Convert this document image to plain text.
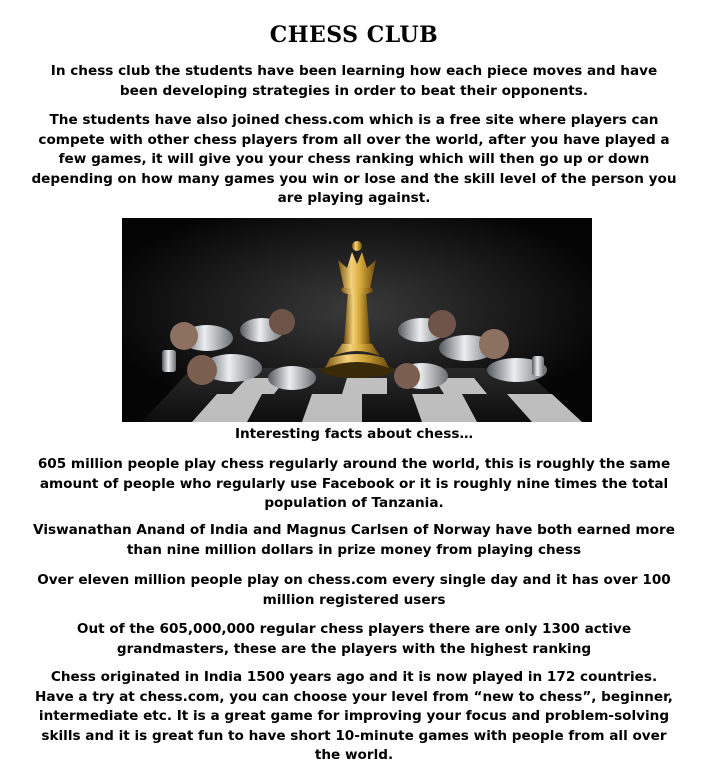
CHESS CLUB

In chess club the students have been learning how each piece moves and have been developing strategies in order to beat their opponents.

The students have also joined chess.com which is a free site where players can compete with other chess players from all over the world, after you have played a few games, it will give you your chess ranking which will then go up or down depending on how many games you win or lose and the skill level of the person you are playing against.

Interesting facts about chess…

605 million people play chess regularly around the world, this is roughly the same amount of people who regularly use Facebook or it is roughly nine times the total population of Tanzania.

Viswanathan Anand of India and Magnus Carlsen of Norway have both earned more than nine million dollars in prize money from playing chess

Over eleven million people play on chess.com every single day and it has over 100 million registered users

Out of the 605,000,000 regular chess players there are only 1300 active grandmasters, these are the players with the highest ranking

Chess originated in India 1500 years ago and it is now played in 172 countries. Have a try at chess.com, you can choose your level from “new to chess”, beginner, intermediate etc. It is a great game for improving your focus and problem-solving skills and it is great fun to have short 10-minute games with people from all over the world.
